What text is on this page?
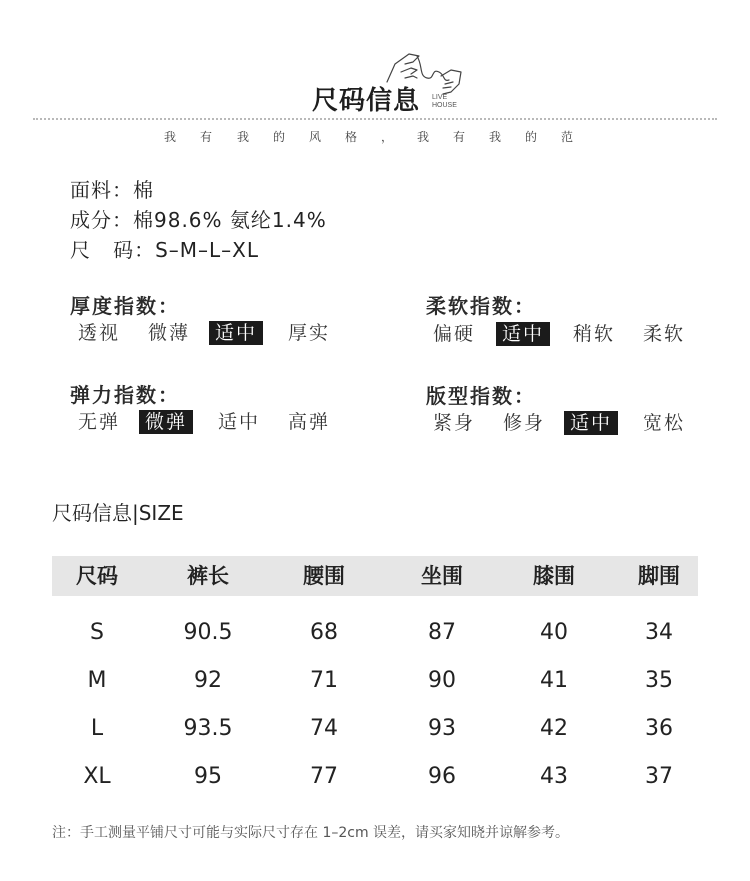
尺码信息 LIVE
HOUSE
我 有 我 的 风 格 ， 我 有 我 的 范
面料：棉
成分：棉98.6% 氨纶1.4%
尺   码：S–M–L–XL
厚度指数：
透视	微薄	适中	厚实
柔软指数：
偏硬	适中	稍软	柔软
弹力指数：
无弹	微弹	适中	高弹
版型指数：
紧身	修身	适中	宽松
尺码信息|SIZE
尺码	裤长	腰围	坐围	膝围	脚围
S	90.5	68	87	40	34
M	92	71	90	41	35
L	93.5	74	93	42	36
XL	95	77	96	43	37
注：手工测量平铺尺寸可能与实际尺寸存在 1–2cm 误差，请买家知晓并谅解参考。
